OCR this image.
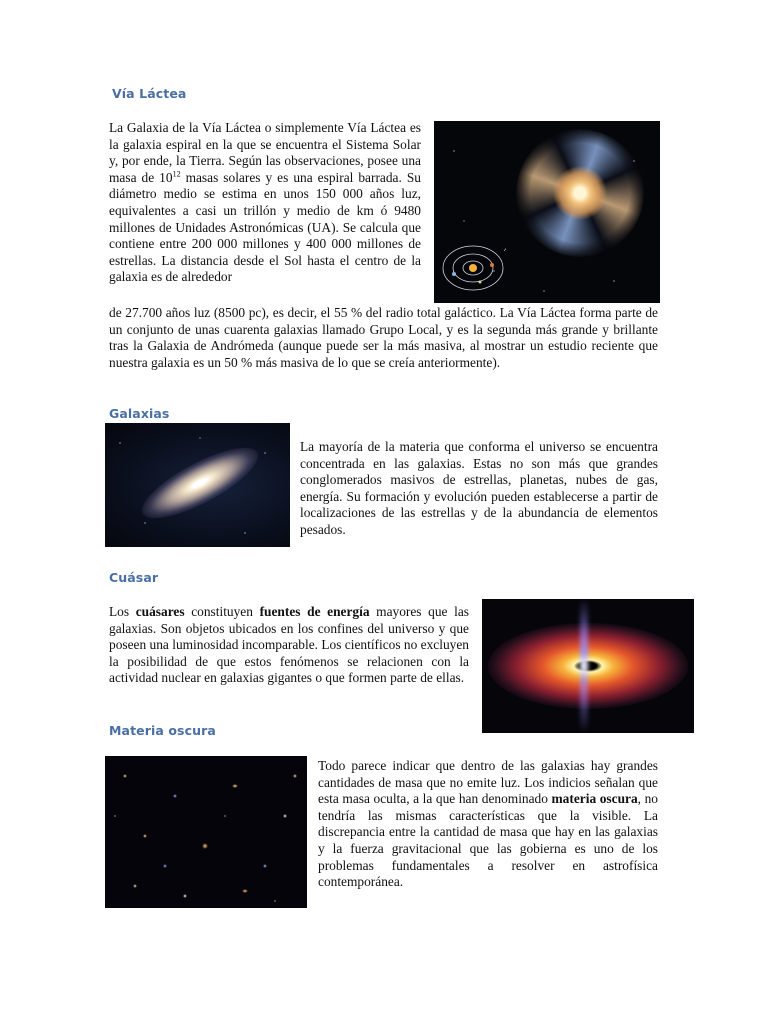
Vía Láctea

La Galaxia de la Vía Láctea o simplemente Vía Láctea es la galaxia espiral en la que se encuentra el Sistema Solar y, por ende, la Tierra. Según las observaciones, posee una masa de $10^{12}$ masas solares y es una espiral barrada. Su diámetro medio se estima en unos 150 000 años luz, equivalentes a casi un trillón y medio de km ó 9480 millones de Unidades Astronómicas (UA). Se calcula que contiene entre 200 000 millones y 400 000 millones de estrellas. La distancia desde el Sol hasta el centro de la galaxia es de alrededor

de 27.700 años luz (8500 pc), es decir, el 55 % del radio total galáctico. La Vía Láctea forma parte de un conjunto de unas cuarenta galaxias llamado Grupo Local, y es la segunda más grande y brillante tras la Galaxia de Andrómeda (aunque puede ser la más masiva, al mostrar un estudio reciente que nuestra galaxia es un 50 % más masiva de lo que se creía anteriormente).

Galaxias

La mayoría de la materia que conforma el universo se encuentra concentrada en las galaxias. Estas no son más que grandes conglomerados masivos de estrellas, planetas, nubes de gas, energía. Su formación y evolución pueden establecerse a partir de localizaciones de las estrellas y de la abundancia de elementos pesados.

Cuásar

Los cuásares constituyen fuentes de energía mayores que las galaxias. Son objetos ubicados en los confines del universo y que poseen una luminosidad incomparable. Los científicos no excluyen la posibilidad de que estos fenómenos se relacionen con la actividad nuclear en galaxias gigantes o que formen parte de ellas.

Materia oscura

Todo parece indicar que dentro de las galaxias hay grandes cantidades de masa que no emite luz. Los indicios señalan que esta masa oculta, a la que han denominado materia oscura, no tendría las mismas características que la visible. La discrepancia entre la cantidad de masa que hay en las galaxias y la fuerza gravitacional que las gobierna es uno de los problemas fundamentales a resolver en astrofísica contemporánea.
